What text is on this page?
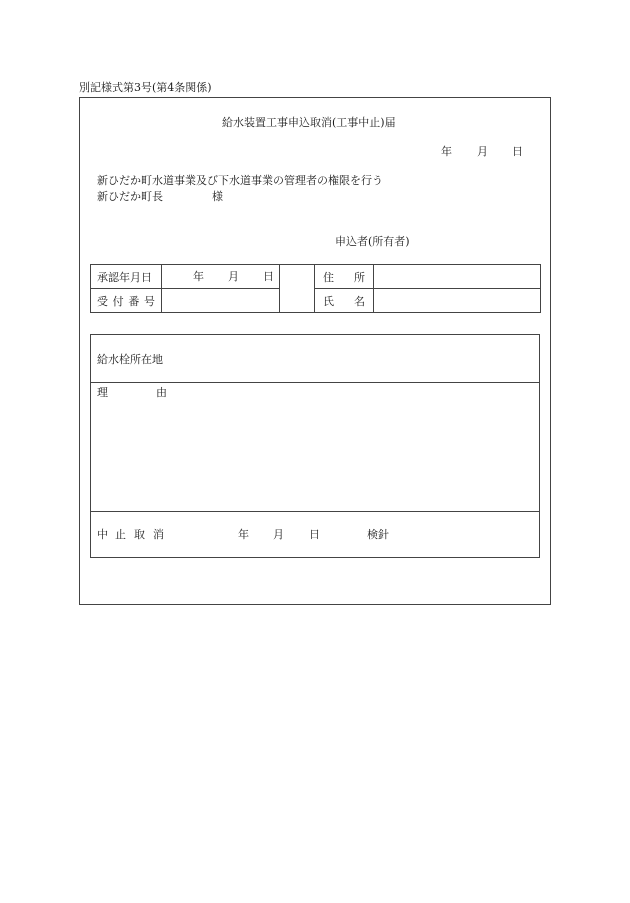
別記様式第3号(第4条関係)
給水装置工事申込取消(工事中止)届
年 月 日
新ひだか町水道事業及び下水道事業の管理者の権限を行う
新ひだか町長	様
申込者(所有者)
承認年月日	年 月 日		住 所	

受 付 番 号			氏 名	

給水栓所在地
理	由
中 止 取 消	年 月 日	検針
